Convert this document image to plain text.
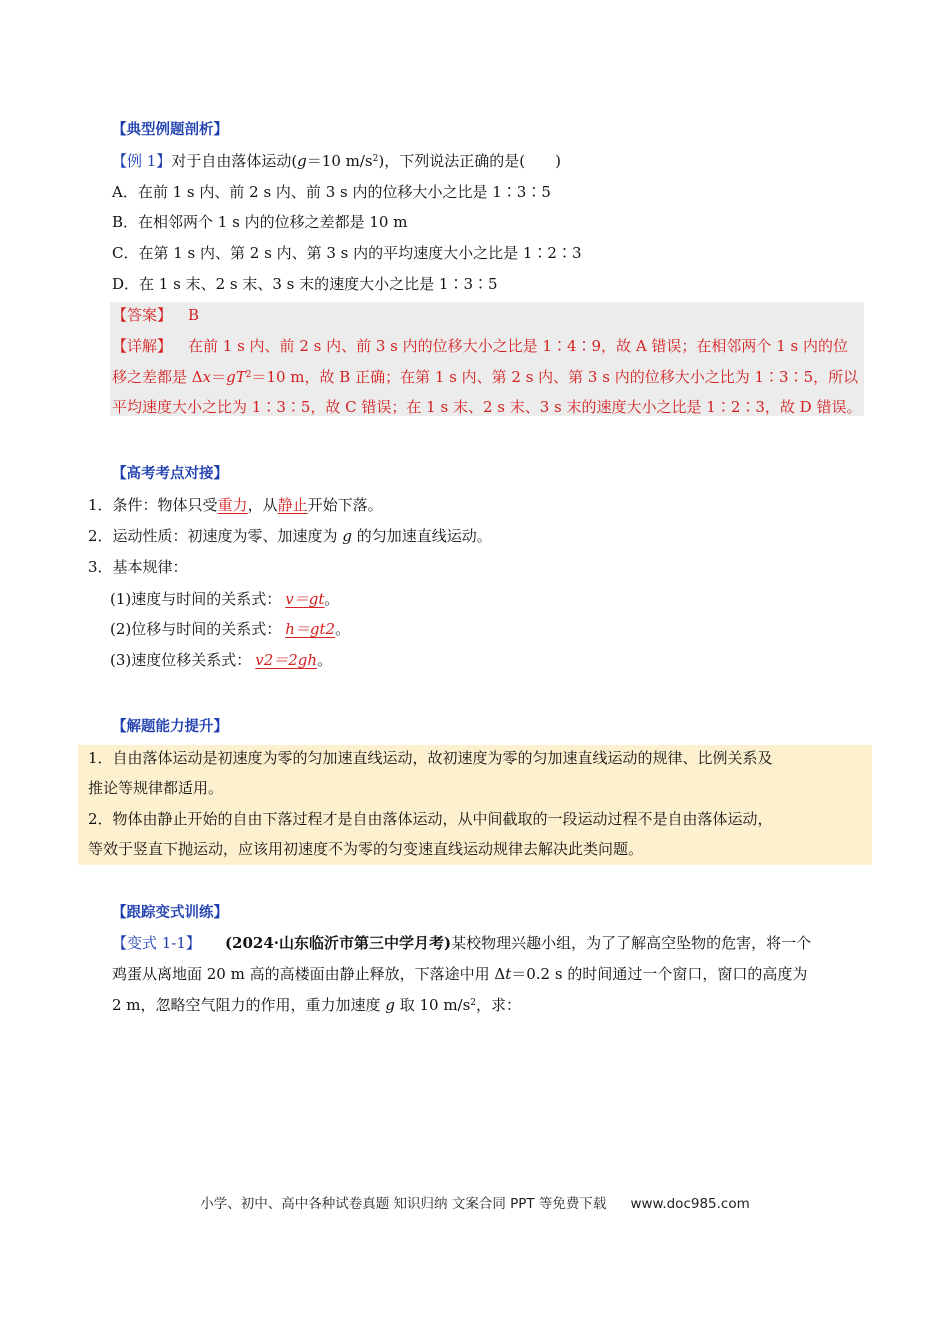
【典型例题剖析】
【例 1】对于自由落体运动(g＝10 $m/s^2$)，下列说法正确的是(　　)
A．在前 1 s 内、前 2 s 内、前 3 s 内的位移大小之比是 1∶3∶5
B．在相邻两个 1 s 内的位移之差都是 10 m
C．在第 1 s 内、第 2 s 内、第 3 s 内的平均速度大小之比是 1∶2∶3
D．在 1 s 末、2 s 末、3 s 末的速度大小之比是 1∶3∶5
【答案】 B
【详解】 在前 1 s 内、前 2 s 内、前 3 s 内的位移大小之比是 1∶4∶9，故 A 错误；在相邻两个 1 s 内的位
移之差都是 $\Delta x=gT^2=10$ m，故 B 正确；在第 1 s 内、第 2 s 内、第 3 s 内的位移大小之比为 1∶3∶5，所以
平均速度大小之比为 1∶3∶5，故 C 错误；在 1 s 末、2 s 末、3 s 末的速度大小之比是 1∶2∶3，故 D 错误。
【高考考点对接】
1．条件：物体只受重力，从静止开始下落。
2．运动性质：初速度为零、加速度为 g 的匀加速直线运动。
3．基本规律：
(1)速度与时间的关系式： v＝gt。
(2)位移与时间的关系式： h＝gt2。
(3)速度位移关系式： v2＝2gh。
【解题能力提升】
1．自由落体运动是初速度为零的匀加速直线运动，故初速度为零的匀加速直线运动的规律、比例关系及
推论等规律都适用。
2．物体由静止开始的自由下落过程才是自由落体运动，从中间截取的一段运动过程不是自由落体运动，
等效于竖直下抛运动，应该用初速度不为零的匀变速直线运动规律去解决此类问题。
【跟踪变式训练】
【变式 1-1】 (2024·山东临沂市第三中学月考)某校物理兴趣小组，为了了解高空坠物的危害，将一个
鸡蛋从离地面 20 m 高的高楼面由静止释放，下落途中用 Δt＝0.2 s 的时间通过一个窗口，窗口的高度为
2 m，忽略空气阻力的作用，重力加速度 g 取 10 $m/s^2$，求：
小学、初中、高中各种试卷真题 知识归纳 文案合同 PPT 等免费下载 www.doc985.com
